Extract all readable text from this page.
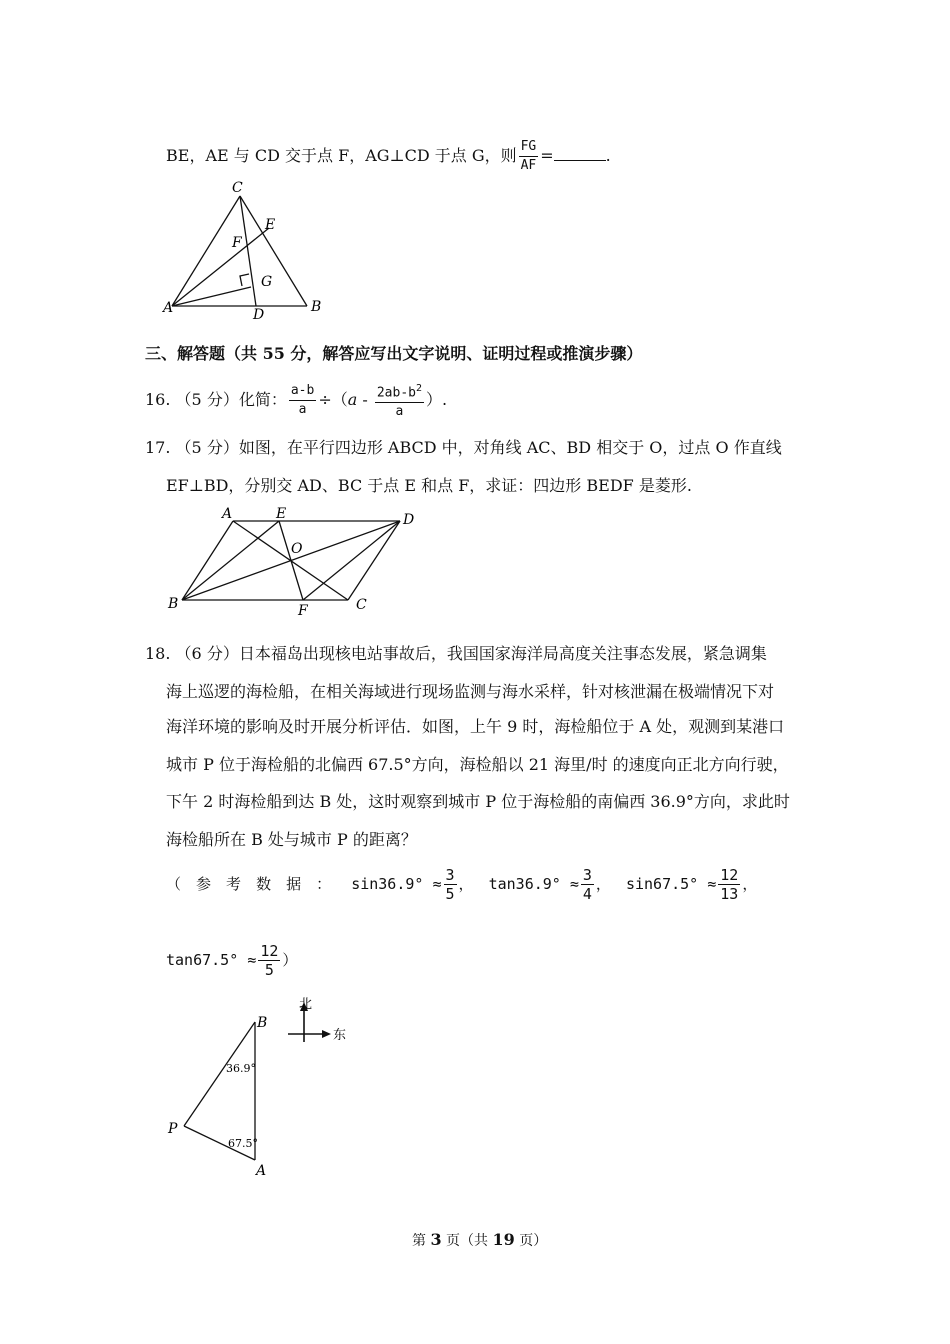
BE，AE 与 CD 交于点 F，AG⊥CD 于点 G，则 $\frac{FG}{AF}$ =	.
C
E
F
G
A	D	B
三、解答题（共 55 分，解答应写出文字说明、证明过程或推演步骤）
16. （5 分）化简： $\frac{a-b}{a} \div(a - \frac{2ab-b^2}{a}$ ）.
17. （5 分）如图，在平行四边形 ABCD 中，对角线 AC、BD 相交于 O，过点 O 作直线
EF⊥BD，分别交 AD、BC 于点 E 和点 F，求证：四边形 BEDF 是菱形.
A	E	D
O
B	F	C
18. （6 分）日本福岛出现核电站事故后，我国国家海洋局高度关注事态发展，紧急调集
海上巡逻的海检船，在相关海域进行现场监测与海水采样，针对核泄漏在极端情况下对
海洋环境的影响及时开展分析评估．如图，上午 9 时，海检船位于 A 处，观测到某港口
城市 P 位于海检船的北偏西 67.5°方向，海检船以 21 海里/时 的速度向正北方向行驶，
下午 2 时海检船到达 B 处，这时观察到城市 P 位于海检船的南偏西 36.9°方向，求此时
海检船所在 B 处与城市 P 的距离？
（ 参 考 数 据 ： $\sin 36.9^\circ \approx \frac{3}{5}$ ， $\tan 36.9^\circ \approx \frac{3}{4}$ ， $\sin 67.5^\circ \approx \frac{12}{13}$ ，
$\tan 67.5^\circ \approx \frac{12}{5}$ ）
B
P
A
36.9°
67.5°
北
东
第 3 页（共 19 页）
